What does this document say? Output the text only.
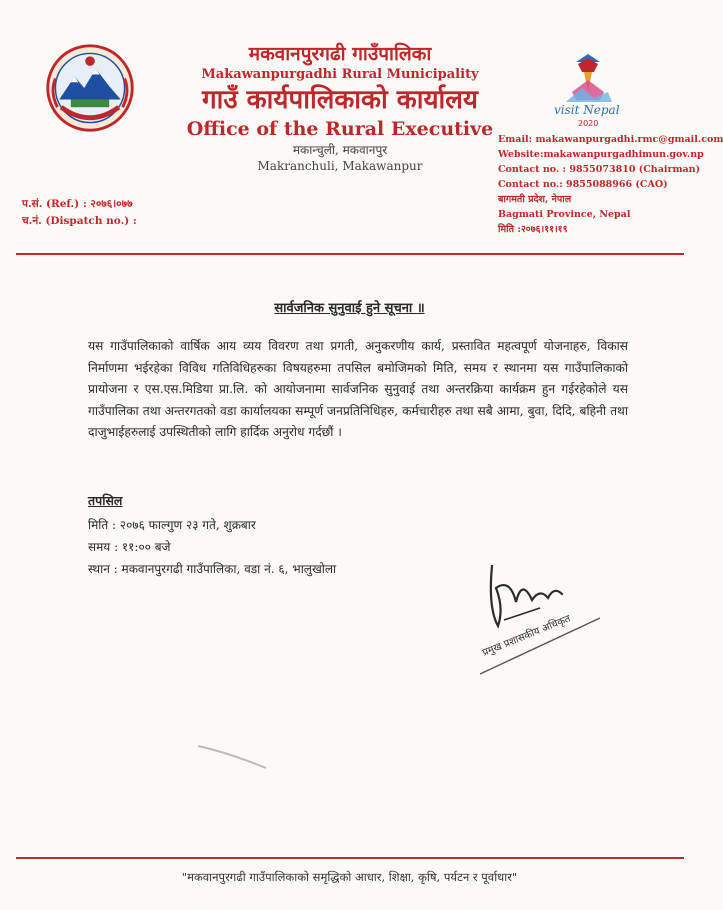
मकवानपुरगढी गाउँपालिका
Makawanpurgadhi Rural Municipality
गाउँ कार्यपालिकाको कार्यालय
Office of the Rural Executive
मकान्चुली, मकवानपुर
Makranchuli, Makawanpur
visit Nepal
2020
Email: makawanpurgadhi.rmc@gmail.com
Website:makawanpurgadhimun.gov.np
Contact no. : 9855073810 (Chairman)
Contact no.: 9855088966 (CAO)
बागमती प्रदेश, नेपाल
Bagmati Province, Nepal
मिति :२०७६।११।१९
प.सं. (Ref.) : २०७६।०७७
च.नं. (Dispatch no.) :
सार्वजनिक सुनुवाई हुने सूचना ॥
यस गाउँपालिकाको वार्षिक आय व्यय विवरण तथा प्रगती, अनुकरणीय कार्य, प्रस्तावित महत्वपूर्ण योजनाहरु, विकास निर्माणमा भईरहेका विविध गतिविधिहरुका विषयहरुमा तपसिल बमोजिमको मिति, समय र स्थानमा यस गाउँपालिकाको प्रायोजना र एस.एस.मिडिया प्रा.लि. को आयोजनामा सार्वजनिक सुनुवाई तथा अन्तरक्रिया कार्यक्रम हुन गईरहेकोले यस गाउँपालिका तथा अन्तरगतको वडा कार्यालयका सम्पूर्ण जनप्रतिनिधिहरु, कर्मचारीहरु तथा सबै आमा, बुवा, दिदि, बहिनी तथा दाजुभाईहरुलाई उपस्थितीको लागि हार्दिक अनुरोध गर्दछौं ।
तपसिल
मिति : २०७६ फाल्गुण २३ गते, शुक्रबार
समय : ११:०० बजे
स्थान : मकवानपुरगढी गाउँपालिका, वडा नं. ६, भालुखोला
प्रमुख प्रशासकीय अधिकृत
"मकवानपुरगढी गाउँपालिकाको समृद्धिको आधार, शिक्षा, कृषि, पर्यटन र पूर्वाधार"
